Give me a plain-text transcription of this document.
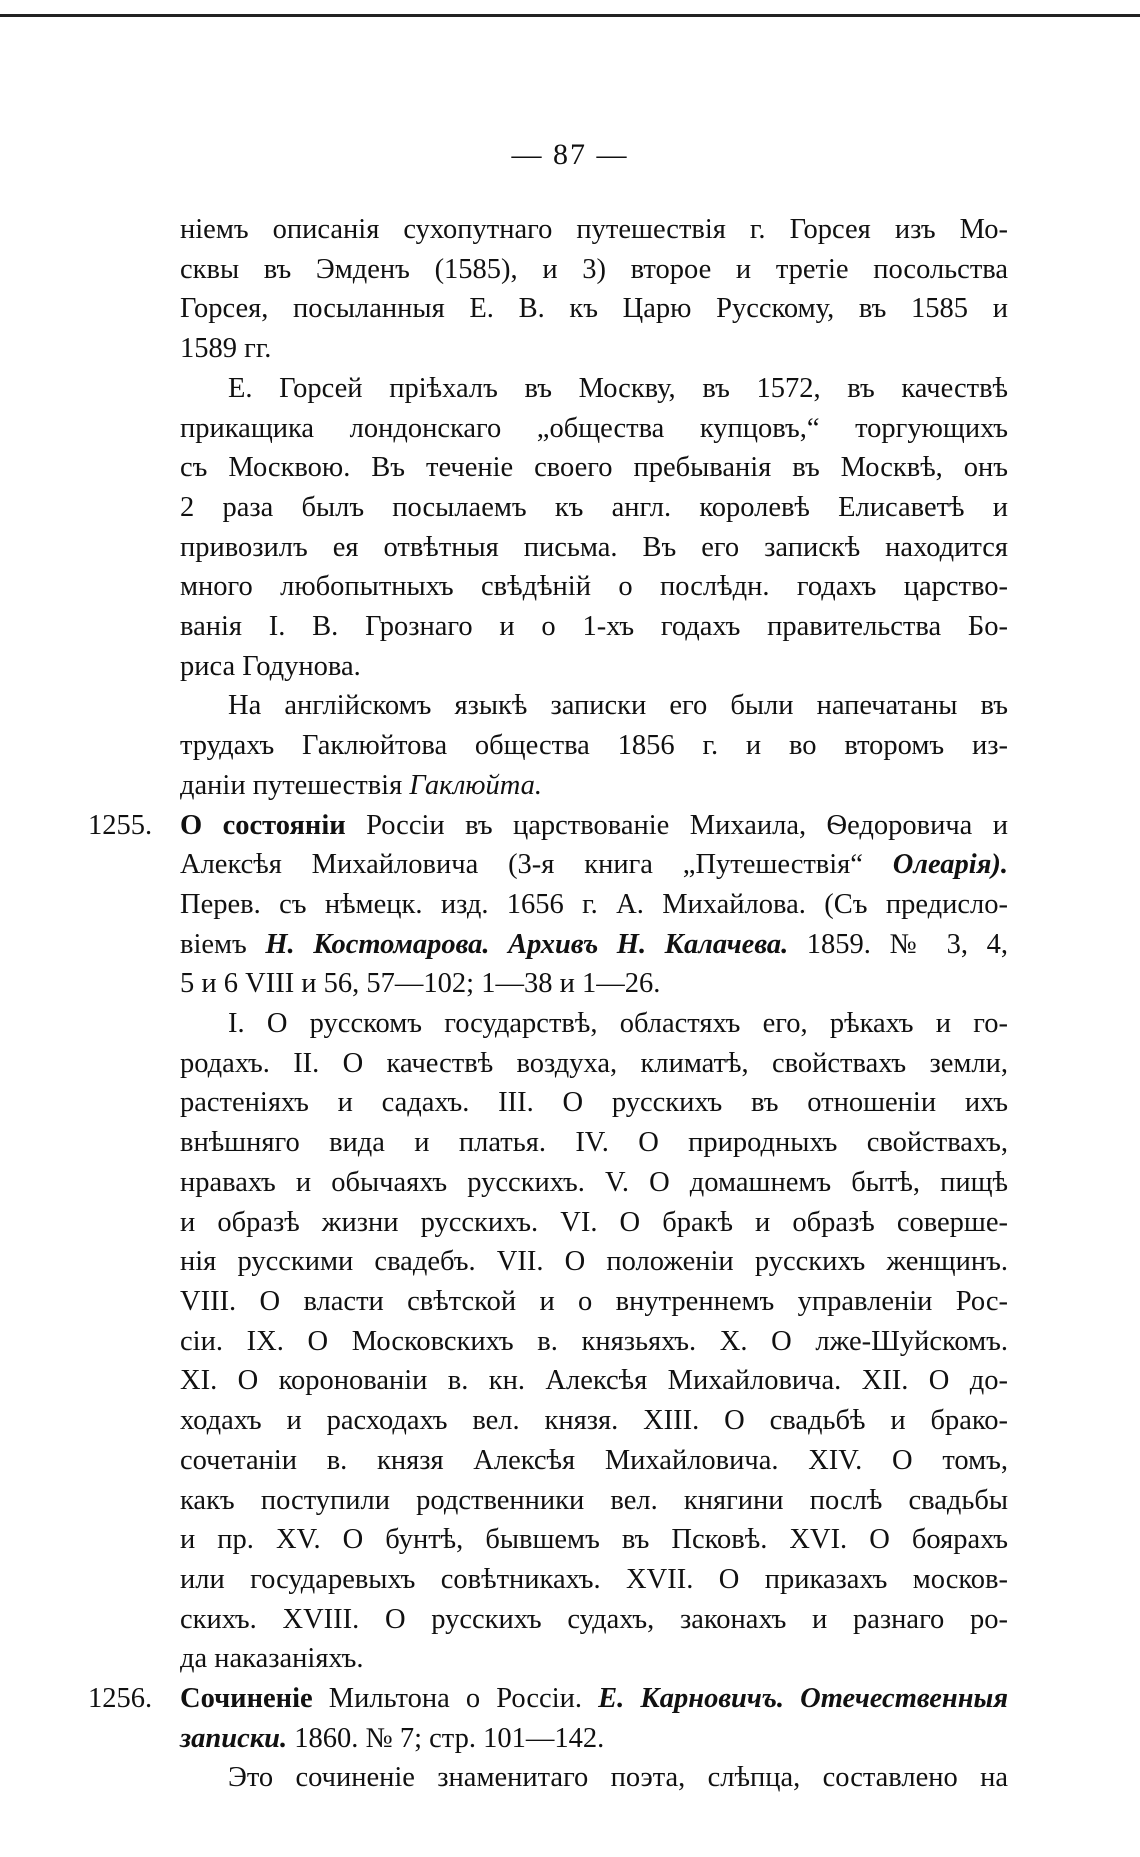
— 87 —
ніемъ описанія сухопутнаго путешествія г. Горсея изъ Мо-
сквы въ Эмденъ (1585), и 3) второе и третіе посольства
Горсея, посыланныя Е. В. къ Царю Русскому, въ 1585 и
1589 гг.
Е. Горсей пріѣхалъ въ Москву, въ 1572, въ качествѣ
прикащика лондонскаго „общества купцовъ,“ торгующихъ
съ Москвою. Въ теченіе своего пребыванія въ Москвѣ, онъ
2 раза былъ посылаемъ къ англ. королевѣ Елисаветѣ и
привозилъ ея отвѣтныя письма. Въ его запискѣ находится
много любопытныхъ свѣдѣній о послѣдн. годахъ царство-
ванія І. В. Грознаго и о 1-хъ годахъ правительства Бо-
риса Годунова.
На англійскомъ языкѣ записки его были напечатаны въ
трудахъ Гаклюйтова общества 1856 г. и во второмъ из-
даніи путешествія Гаклюйта.
1255. О состояніи Россіи въ царствованіе Михаила, Ѳедоровича и
Алексѣя Михайловича (3-я книга „Путешествія“ Олеарія).
Перев. съ нѣмецк. изд. 1656 г. А. Михайлова. (Съ предисло-
віемъ Н. Костомарова. Архивъ Н. Калачева. 1859. № 3, 4,
5 и 6 VIII и 56, 57—102; 1—38 и 1—26.
I. О русскомъ государствѣ, областяхъ его, рѣкахъ и го-
родахъ. II. О качествѣ воздуха, климатѣ, свойствахъ земли,
растеніяхъ и садахъ. III. О русскихъ въ отношеніи ихъ
внѣшняго вида и платья. IV. О природныхъ свойствахъ,
нравахъ и обычаяхъ русскихъ. V. О домашнемъ бытѣ, пищѣ
и образѣ жизни русскихъ. VI. О бракѣ и образѣ соверше-
нія русскими свадебъ. VII. О положеніи русскихъ женщинъ.
VIII. О власти свѣтской и о внутреннемъ управленіи Рос-
сіи. IX. О Московскихъ в. князьяхъ. X. О лже-Шуйскомъ.
XI. О коронованіи в. кн. Алексѣя Михайловича. XII. О до-
ходахъ и расходахъ вел. князя. XIII. О свадьбѣ и брако-
сочетаніи в. князя Алексѣя Михайловича. XIV. О томъ,
какъ поступили родственники вел. княгини послѣ свадьбы
и пр. XV. О бунтѣ, бывшемъ въ Псковѣ. XVI. О боярахъ
или государевыхъ совѣтникахъ. XVII. О приказахъ москов-
скихъ. XVIII. О русскихъ судахъ, законахъ и разнаго ро-
да наказаніяхъ.
1256. Сочиненіе Мильтона о Россіи. Е. Карновичъ. Отечественныя
записки. 1860. № 7; стр. 101—142.
Это сочиненіе знаменитаго поэта, слѣпца, составлено на
